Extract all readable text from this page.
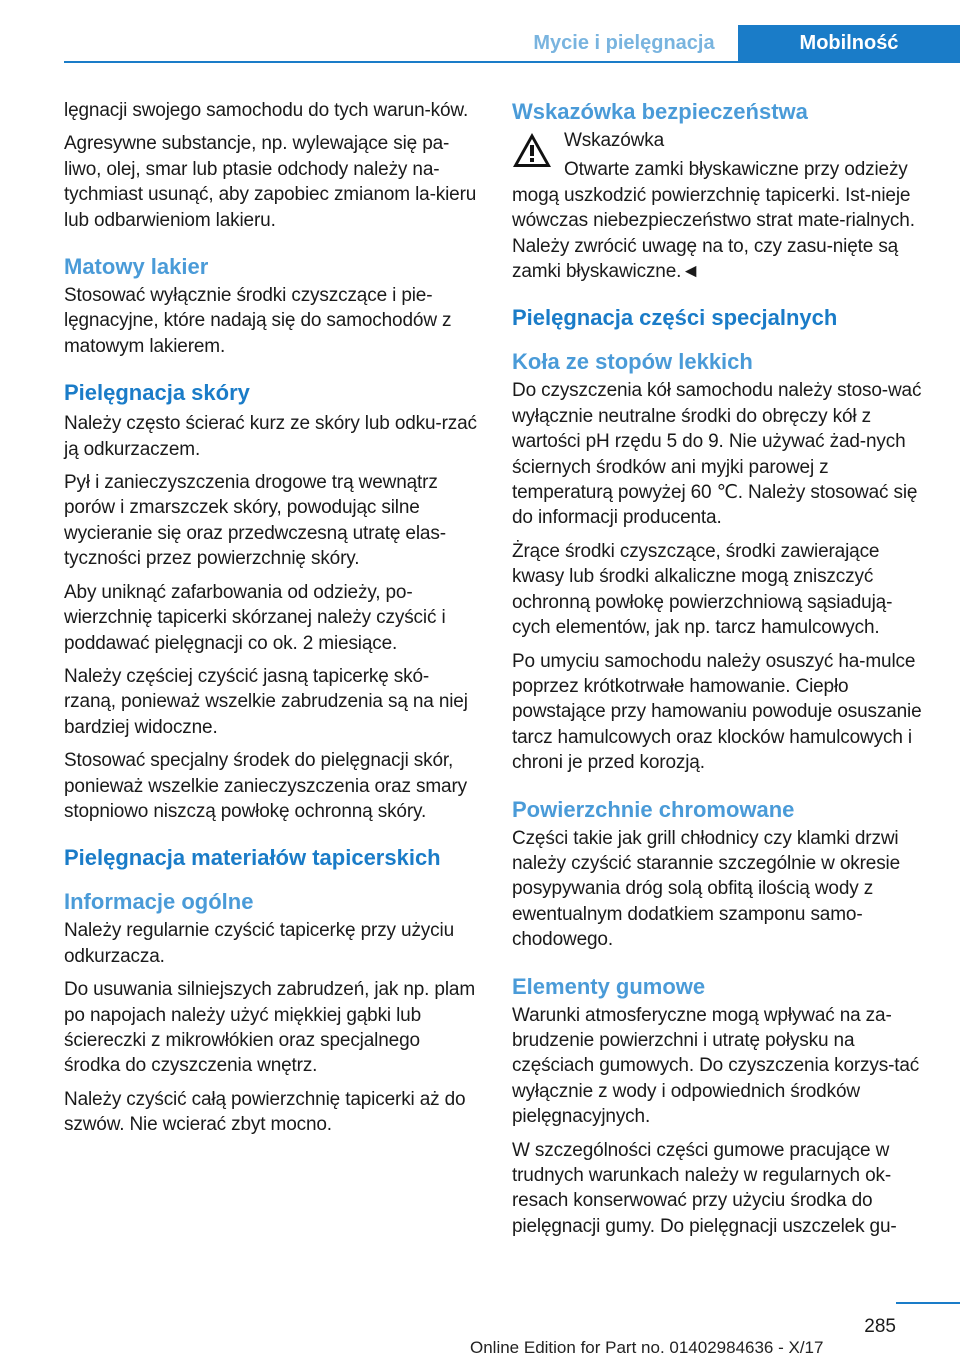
Mycie i pielęgnacja	Mobilność

lęgnacji swojego samochodu do tych warun-ków.

Agresywne substancje, np. wylewające się pa-liwo, olej, smar lub ptasie odchody należy na-tychmiast usunąć, aby zapobiec zmianom la-kieru lub odbarwieniom lakieru.

Matowy lakier

Stosować wyłącznie środki czyszczące i pie-lęgnacyjne, które nadają się do samochodów z matowym lakierem.

Pielęgnacja skóry

Należy często ścierać kurz ze skóry lub odku-rzać ją odkurzaczem.

Pył i zanieczyszczenia drogowe trą wewnątrz porów i zmarszczek skóry, powodując silne wycieranie się oraz przedwczesną utratę elas-tyczności przez powierzchnię skóry.

Aby uniknąć zafarbowania od odzieży, po-wierzchnię tapicerki skórzanej należy czyścić i poddawać pielęgnacji co ok. 2 miesiące.

Należy częściej czyścić jasną tapicerkę skó-rzaną, ponieważ wszelkie zabrudzenia są na niej bardziej widoczne.

Stosować specjalny środek do pielęgnacji skór, ponieważ wszelkie zanieczyszczenia oraz smary stopniowo niszczą powłokę ochronną skóry.

Pielęgnacja materiałów tapicerskich
Informacje ogólne

Należy regularnie czyścić tapicerkę przy użyciu odkurzacza.

Do usuwania silniejszych zabrudzeń, jak np. plam po napojach należy użyć miękkiej gąbki lub ściereczki z mikrowłókien oraz specjalnego środka do czyszczenia wnętrz.

Należy czyścić całą powierzchnię tapicerki aż do szwów. Nie wcierać zbyt mocno.

Wskazówka bezpieczeństwa

Wskazówka

Otwarte zamki błyskawiczne przy odzieży mogą uszkodzić powierzchnię tapicerki. Ist-nieje wówczas niebezpieczeństwo strat mate-rialnych. Należy zwrócić uwagę na to, czy zasu-nięte są zamki błyskawiczne.◄

Pielęgnacja części specjalnych
Koła ze stopów lekkich

Do czyszczenia kół samochodu należy stoso-wać wyłącznie neutralne środki do obręczy kół z wartości pH rzędu 5 do 9. Nie używać żad-nych ściernych środków ani myjki parowej z temperaturą powyżej 60 ℃. Należy stosować się do informacji producenta.

Żrące środki czyszczące, środki zawierające kwasy lub środki alkaliczne mogą zniszczyć ochronną powłokę powierzchniową sąsiadują-cych elementów, jak np. tarcz hamulcowych.

Po umyciu samochodu należy osuszyć ha-mulce poprzez krótkotrwałe hamowanie. Ciepło powstające przy hamowaniu powoduje osuszanie tarcz hamulcowych oraz klocków hamulcowych i chroni je przed korozją.

Powierzchnie chromowane

Części takie jak grill chłodnicy czy klamki drzwi należy czyścić starannie szczególnie w okresie posypywania dróg solą obfitą ilością wody z ewentualnym dodatkiem szamponu samo-chodowego.

Elementy gumowe

Warunki atmosferyczne mogą wpływać na za-brudzenie powierzchni i utratę połysku na częściach gumowych. Do czyszczenia korzys-tać wyłącznie z wody i odpowiednich środków pielęgnacyjnych.

W szczególności części gumowe pracujące w trudnych warunkach należy w regularnych ok-resach konserwować przy użyciu środka do pielęgnacji gumy. Do pielęgnacji uszczelek gu-

285
Online Edition for Part no. 01402984636 - X/17
